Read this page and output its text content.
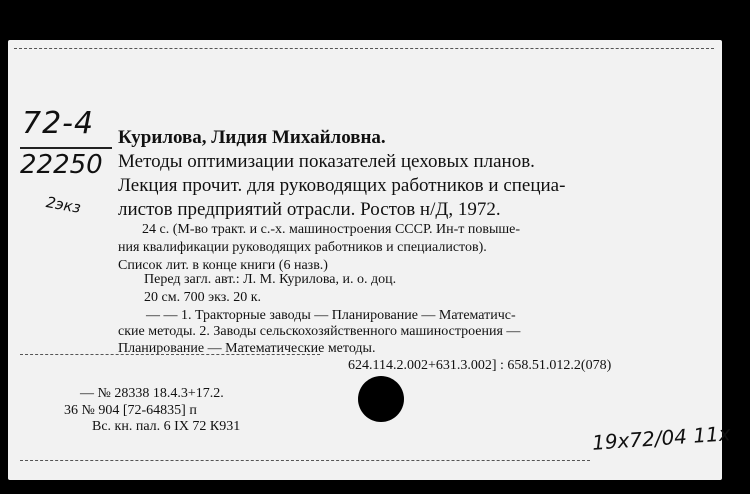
72-4
22250
2экз
19x72/04 11x
Курилова, Лидия Михайловна.
Методы оптимизации показателей цеховых планов.
Лекция прочит. для руководящих работников и специа-
листов предприятий отрасли. Ростов н/Д, 1972.
24 с. (М-во тракт. и с.-х. машиностроения СССР. Ин-т повыше-
ния квалификации руководящих работников и специалистов).
Список лит. в конце книги (6 назв.)
Перед загл. авт.: Л. М. Курилова, и. о. доц.
20 см. 700 экз. 20 к.
— — 1. Тракторные заводы — Планирование — Математичс-
ские методы. 2. Заводы сельскохозяйственного машиностроения —
Планирование — Математические методы.
624.114.2.002+631.3.002] : 658.51.012.2(078)
— № 28338 18.4.3+17.2.
36 № 904 [72-64835] п
Вс. кн. пал. 6 IX 72 К931
